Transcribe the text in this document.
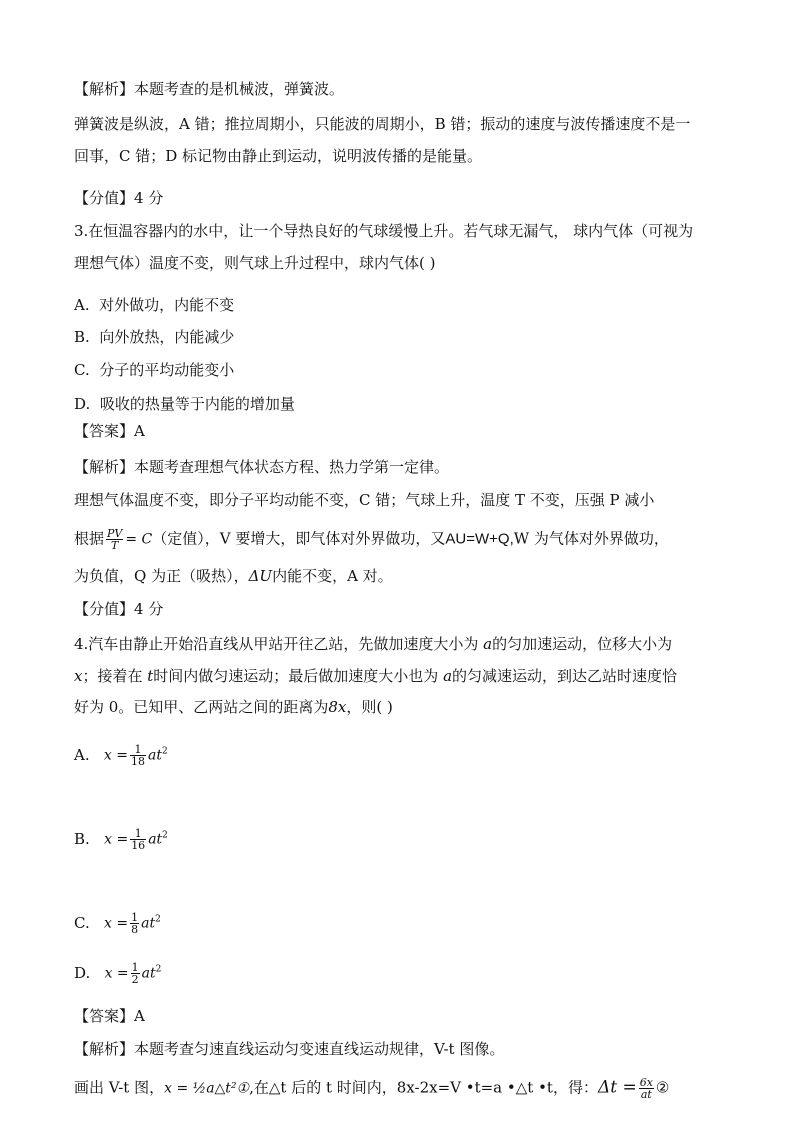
【解析】本题考查的是机械波，弹簧波。
弹簧波是纵波，A 错；推拉周期小，只能波的周期小，B 错；振动的速度与波传播速度不是一
回事，C 错；D 标记物由静止到运动，说明波传播的是能量。
【分值】4 分
3.在恒温容器内的水中，让一个导热良好的气球缓慢上升。若气球无漏气， 球内气体（可视为
理想气体）温度不变，则气球上升过程中，球内气体( )
A. 对外做功，内能不变
B. 向外放热，内能减少
C. 分子的平均动能变小
D. 吸收的热量等于内能的增加量
【答案】A
【解析】本题考查理想气体状态方程、热力学第一定律。
理想气体温度不变，即分子平均动能不变，C 错；气球上升，温度 T 不变，压强 P 减小
根据 $\frac{PV}{T} = C$（定值），V 要增大，即气体对外界做功，又AU=W+Q,W 为气体对外界做功，
为负值，Q 为正（吸热），ΔU内能不变，A 对。
【分值】4 分
4.汽车由静止开始沿直线从甲站开往乙站，先做加速度大小为 a的匀加速运动，位移大小为
x；接着在 t时间内做匀速运动；最后做加速度大小也为 a的匀减速运动，到达乙站时速度恰
好为 0。已知甲、乙两站之间的距离为8x，则( )
A. $x = \frac{1}{18} at^2$
B. $x = \frac{1}{16} at^2$
C. $x = \frac{1}{8} at^2$
D. $x = \frac{1}{2} at^2$
【答案】A
【解析】本题考查匀速直线运动匀变速直线运动规律，V-t 图像。
画出 V-t 图，x = ½a△t²①,在△t 后的 t 时间内，8x-2x=V •t=a •△t •t，得：$\Delta t = \frac{6x}{at}$ ②
